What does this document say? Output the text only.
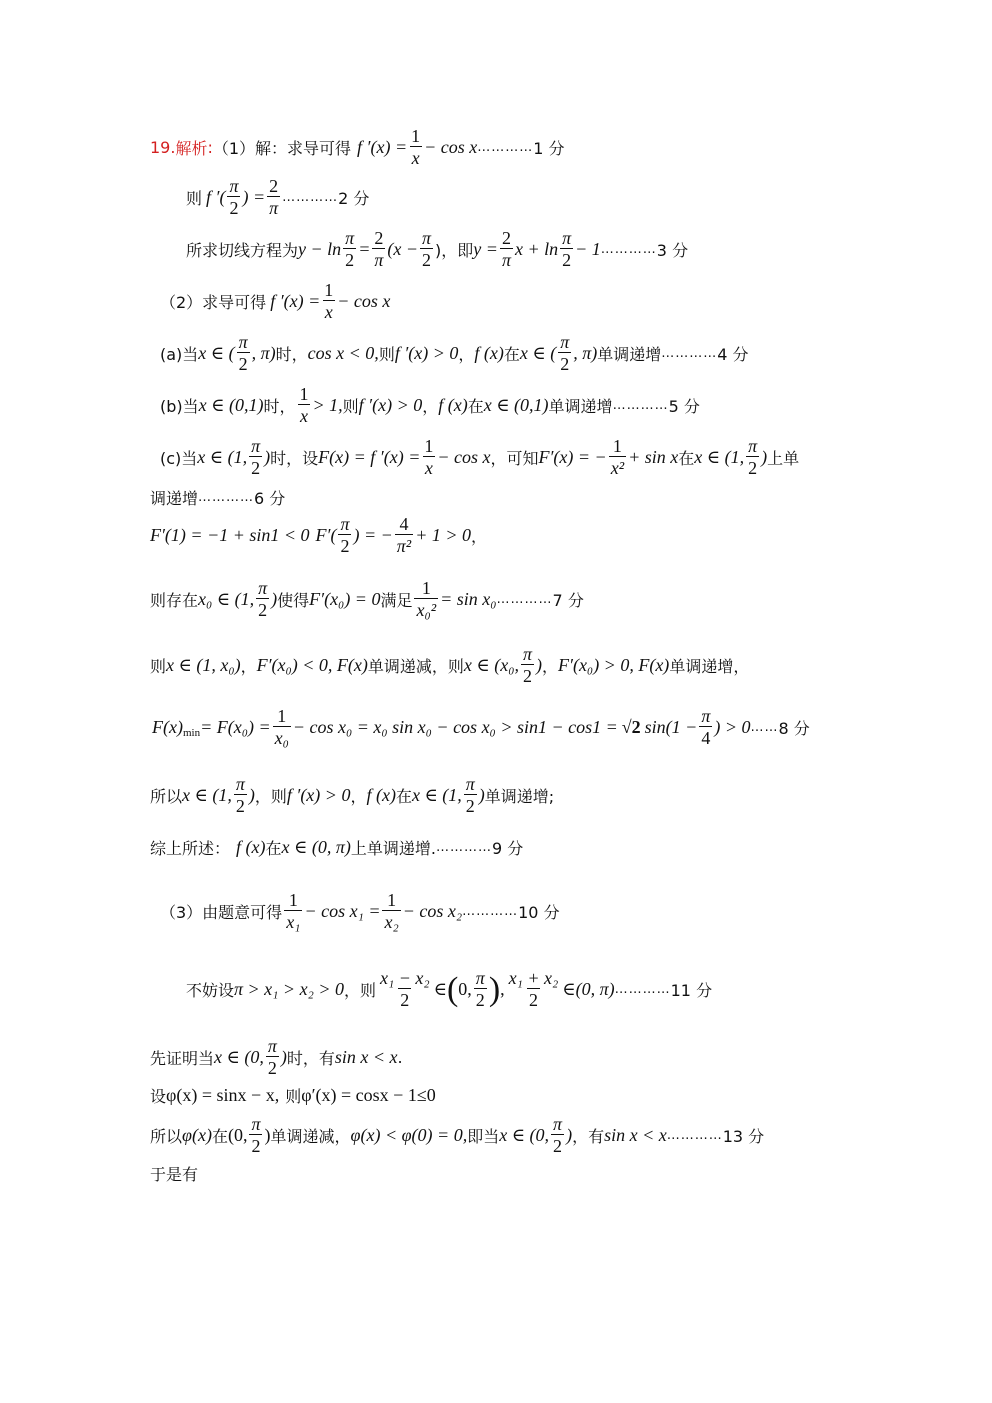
19. 解析 : （1）解：求导可得 f $'(x) = \frac{1}{x} - \cos x$ ………… 1 分
则 f ′( $\frac{\pi}{2}$ ) = $\frac{2}{\pi}$ ………… 2 分
所求切线方程为 $y - \ln \frac{\pi}{2} = \frac{2}{\pi} (x - \frac{\pi}{2}$ )，即 $y = \frac{2}{\pi}$ $x + \ln \frac{\pi}{2} - 1$ ………… 3 分
（2）求导可得 f $'(x) = \frac{1}{x} - \cos x$
(a)当 x ∈ ( $\frac{\pi}{2}$ , π) 时， cos x < 0, 则 f ′(x) > 0 ， f (x) 在 x ∈ ( $\frac{\pi}{2}$ , π) 单调递增 ………… 4 分
(b)当 x ∈ (0,1) 时， $\frac{1}{x} > 1$, 则 f ′(x) > 0 ， f (x) 在 x ∈ (0,1) 单调递增 ………… 5 分
(c)当 x ∈ (1, $\frac{\pi}{2}$ ) 时，设 F(x) = f $'(x) = \frac{1}{x} - \cos x$ ，可知 F′(x) = − $\frac{1}{\text{x²}} + \sin x$ 在 x ∈ (1, $\frac{\pi}{2}$ ) 上单
调递增 ………… 6 分
F′(1) = −1 + sin1 < 0 $F'( \frac{\pi}{2}$ ) = − $\frac{4}{\text{π²}} + 1 > 0$ ，
则存在 x₀ ∈ (1, $\frac{\pi}{2}$ ) 使得 F′(x₀) = 0 满足 $\frac{1}{\text{x₀²}} = \sin x_0$ ………… 7 分
则 x ∈ (1, x₀) ， F′(x₀) < 0, F(x) 单调递减，则 x ∈ (x₀, $\frac{\pi}{2}$ ) ， F′(x₀) > 0, F(x) 单调递增，
$F(x)_{min} = F(x_0) = \frac{1}{\text{x₀}} - \cos x_0 = x_0$ sin x₀ − cos x₀ > sin1 − cos1 = √2 $\sin(1 - \frac{\pi}{4}$ ) > 0 …… 8 分
所以 x ∈ (1, $\frac{\pi}{2}$ ) ，则 f ′(x) > 0 ， f (x) 在 x ∈ (1, $\frac{\pi}{2}$ ) 单调递增;
综上所述： f (x) 在 x ∈ (0, π) 上单调递增. ………… 9 分
（3）由题意可得 $\frac{1}{\text{x₁}} - \cos x_1 = \frac{1}{\text{x₂}} - \cos x_2$ ………… 10 分
不妨设 π > x₁ > x₂ > 0 ，则 $\frac{\text{x₁ − x₂}}{2}$ ∈ ( 0, $\frac{\pi}{2}$ ) , $\frac{\text{x₁ + x₂}}{2}$ ∈ (0, π) ………… 11 分
先证明当 x ∈ (0, $\frac{\pi}{2}$ ) 时，有 sin x < x .
设 φ(x) = sinx − x, 则 φ′(x) = cosx − 1≤0
所以 φ(x) 在 (0, $\frac{\pi}{2}$ ) 单调递减， φ(x) < φ(0) = 0, 即当 x ∈ (0, $\frac{\pi}{2}$ ) ，有 sin x < x ………… 13 分
于是有
